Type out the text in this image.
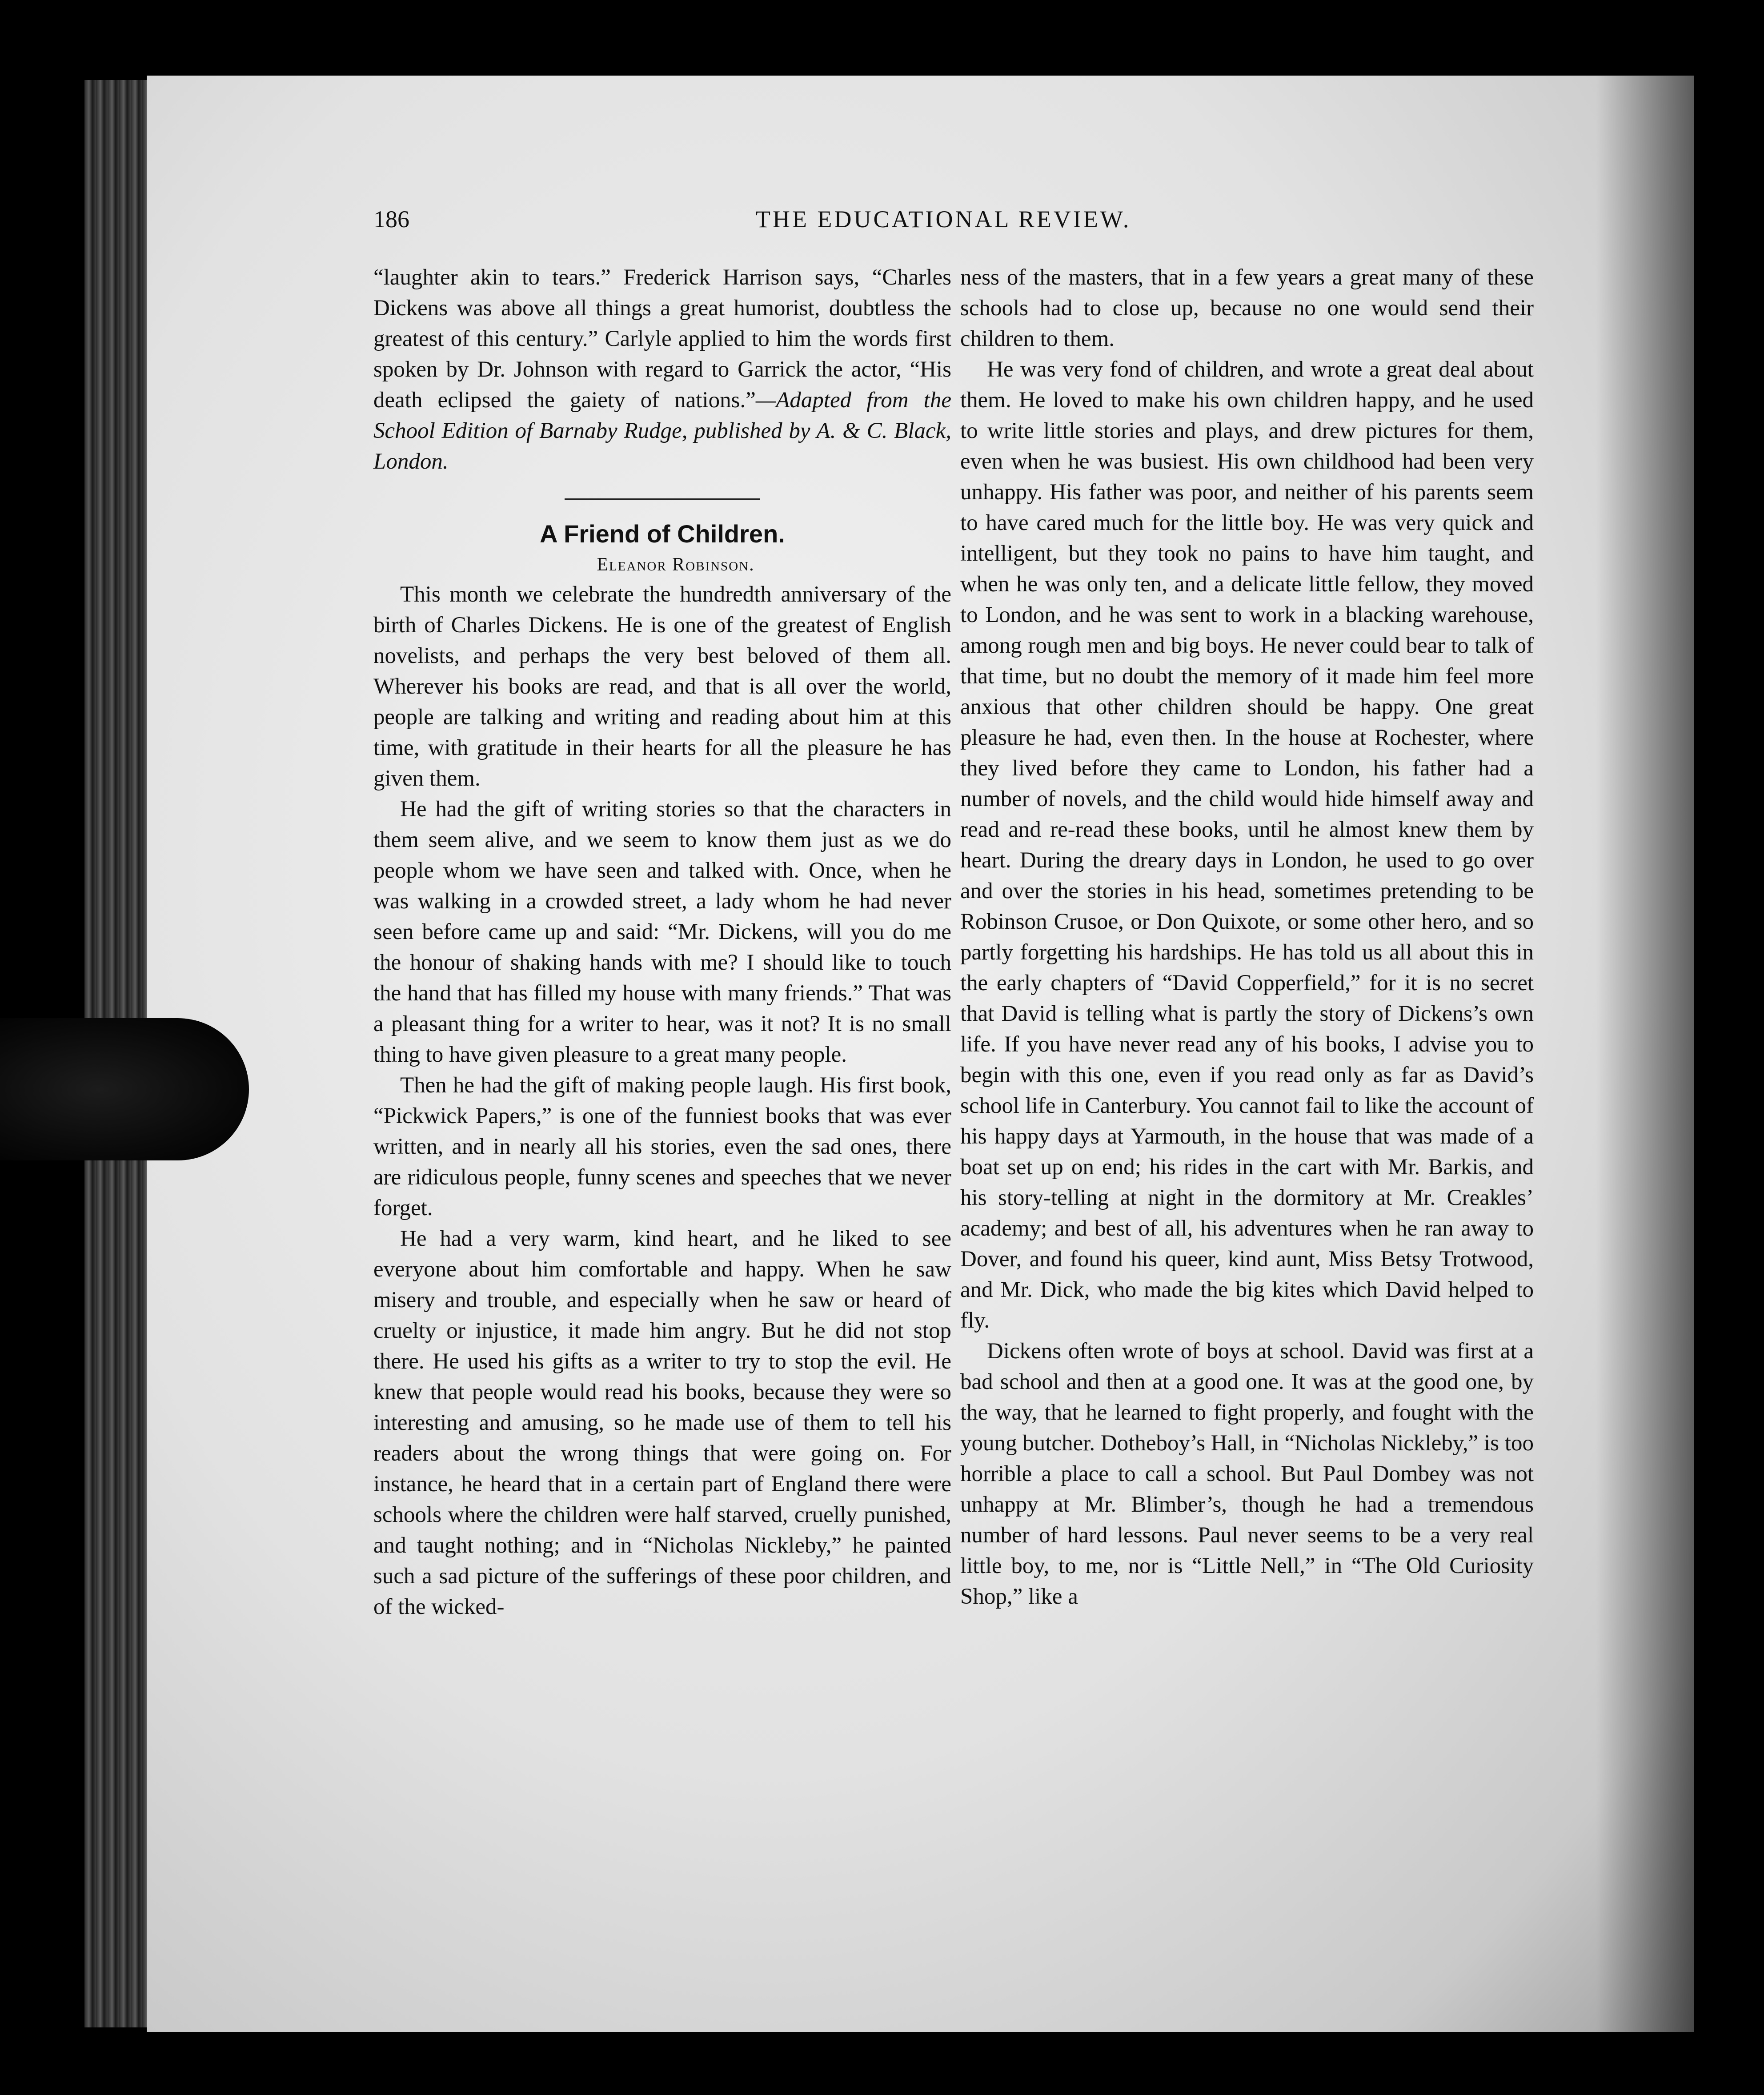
186	THE EDUCATIONAL REVIEW.

“laughter akin to tears.” Frederick Harrison says, “Charles Dickens was above all things a great humorist, doubtless the greatest of this century.” Carlyle applied to him the words first spoken by Dr. Johnson with regard to Garrick the actor, “His death eclipsed the gaiety of nations.”—Adapted from the School Edition of Barnaby Rudge, published by A. & C. Black, London.

A Friend of Children.

Eleanor Robinson.

This month we celebrate the hundredth anniversary of the birth of Charles Dickens. He is one of the greatest of English novelists, and perhaps the very best beloved of them all. Wherever his books are read, and that is all over the world, people are talking and writing and reading about him at this time, with gratitude in their hearts for all the pleasure he has given them.

He had the gift of writing stories so that the characters in them seem alive, and we seem to know them just as we do people whom we have seen and talked with. Once, when he was walking in a crowded street, a lady whom he had never seen before came up and said: “Mr. Dickens, will you do me the honour of shaking hands with me? I should like to touch the hand that has filled my house with many friends.” That was a pleasant thing for a writer to hear, was it not? It is no small thing to have given pleasure to a great many people.

Then he had the gift of making people laugh. His first book, “Pickwick Papers,” is one of the funniest books that was ever written, and in nearly all his stories, even the sad ones, there are ridiculous people, funny scenes and speeches that we never forget.

He had a very warm, kind heart, and he liked to see everyone about him comfortable and happy. When he saw misery and trouble, and especially when he saw or heard of cruelty or injustice, it made him angry. But he did not stop there. He used his gifts as a writer to try to stop the evil. He knew that people would read his books, because they were so interesting and amusing, so he made use of them to tell his readers about the wrong things that were going on. For instance, he heard that in a certain part of England there were schools where the children were half starved, cruelly punished, and taught nothing; and in “Nicholas Nickleby,” he painted such a sad picture of the sufferings of these poor children, and of the wicked-

ness of the masters, that in a few years a great many of these schools had to close up, because no one would send their children to them.

He was very fond of children, and wrote a great deal about them. He loved to make his own children happy, and he used to write little stories and plays, and drew pictures for them, even when he was busiest. His own childhood had been very unhappy. His father was poor, and neither of his parents seem to have cared much for the little boy. He was very quick and intelligent, but they took no pains to have him taught, and when he was only ten, and a delicate little fellow, they moved to London, and he was sent to work in a blacking warehouse, among rough men and big boys. He never could bear to talk of that time, but no doubt the memory of it made him feel more anxious that other children should be happy. One great pleasure he had, even then. In the house at Rochester, where they lived before they came to London, his father had a number of novels, and the child would hide himself away and read and re-read these books, until he almost knew them by heart. During the dreary days in London, he used to go over and over the stories in his head, sometimes pretending to be Robinson Crusoe, or Don Quixote, or some other hero, and so partly forgetting his hardships. He has told us all about this in the early chapters of “David Copperfield,” for it is no secret that David is telling what is partly the story of Dickens’s own life. If you have never read any of his books, I advise you to begin with this one, even if you read only as far as David’s school life in Canterbury. You cannot fail to like the account of his happy days at Yarmouth, in the house that was made of a boat set up on end; his rides in the cart with Mr. Barkis, and his story-telling at night in the dormitory at Mr. Creakles’ academy; and best of all, his adventures when he ran away to Dover, and found his queer, kind aunt, Miss Betsy Trotwood, and Mr. Dick, who made the big kites which David helped to fly.

Dickens often wrote of boys at school. David was first at a bad school and then at a good one. It was at the good one, by the way, that he learned to fight properly, and fought with the young butcher. Dotheboy’s Hall, in “Nicholas Nickleby,” is too horrible a place to call a school. But Paul Dombey was not unhappy at Mr. Blimber’s, though he had a tremendous number of hard lessons. Paul never seems to be a very real little boy, to me, nor is “Little Nell,” in “The Old Curiosity Shop,” like a
